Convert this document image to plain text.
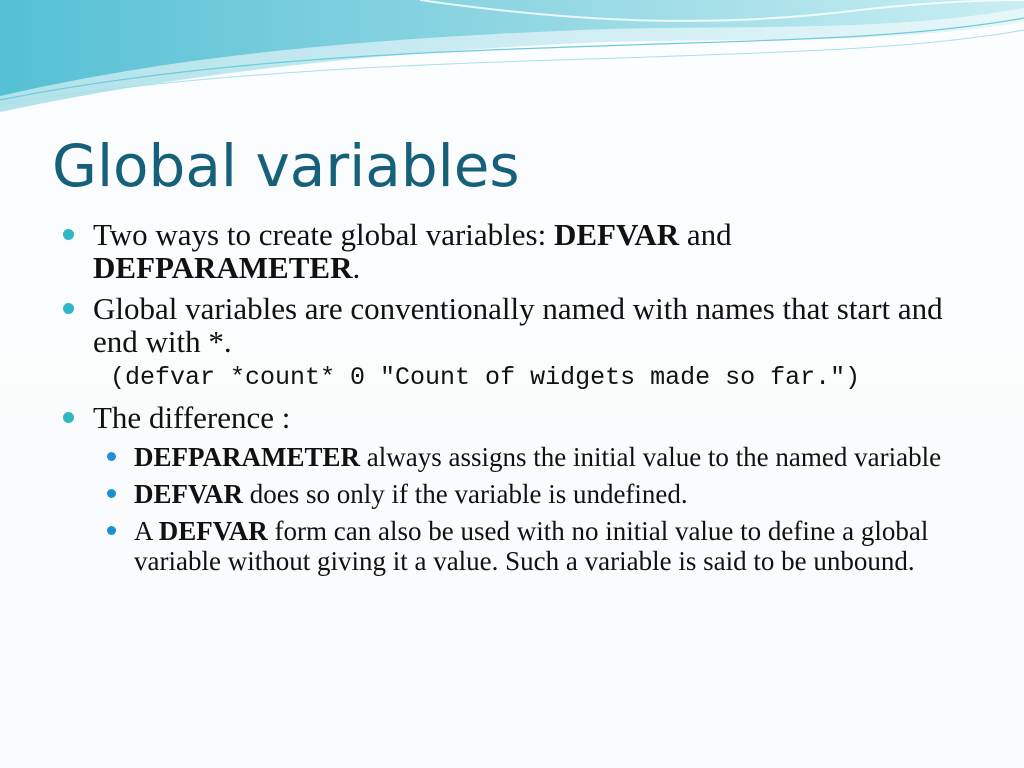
Global variables
Two ways to create global variables: DEFVAR and DEFPARAMETER.
Global variables are conventionally named with names that start and end with *.
(defvar *count* 0 "Count of widgets made so far.")
The difference :
DEFPARAMETER always assigns the initial value to the named variable
DEFVAR does so only if the variable is undefined.
A DEFVAR form can also be used with no initial value to define a global variable without giving it a value. Such a variable is said to be unbound.
